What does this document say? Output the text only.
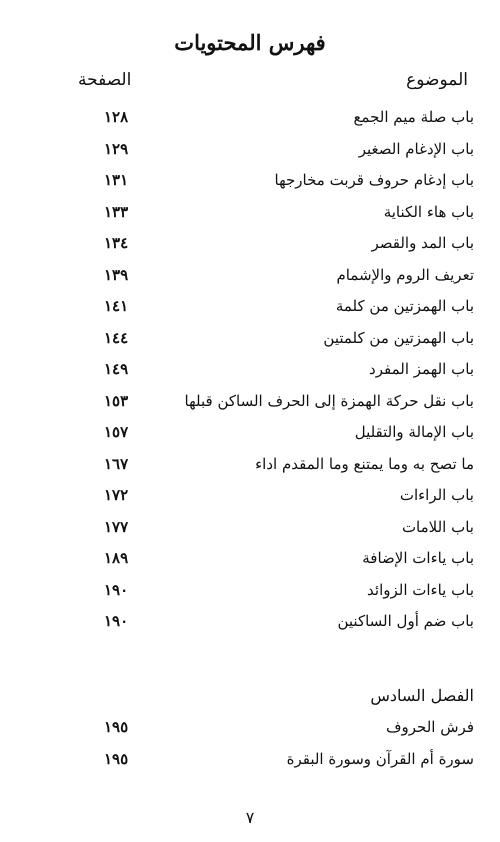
فهرس المحتويات
الموضوع
الصفحة
باب صلة ميم الجمع
١٢٨
باب الإدغام الصغير
١٢٩
باب إدغام حروف قربت مخارجها
١٣١
باب هاء الكناية
١٣٣
باب المد والقصر
١٣٤
تعريف الروم والإشمام
١٣٩
باب الهمزتين من كلمة
١٤١
باب الهمزتين من كلمتين
١٤٤
باب الهمز المفرد
١٤٩
باب نقل حركة الهمزة إلى الحرف الساكن قبلها
١٥٣
باب الإمالة والتقليل
١٥٧
ما تصح به وما يمتنع وما المقدم اداء
١٦٧
باب الراءات
١٧٢
باب اللامات
١٧٧
باب ياءات الإضافة
١٨٩
باب ياءات الزوائد
١٩٠
باب ضم أول الساكنين
١٩٠
الفصل السادس
فرش الحروف
١٩٥
سورة أم القرآن وسورة البقرة
١٩٥
٧
